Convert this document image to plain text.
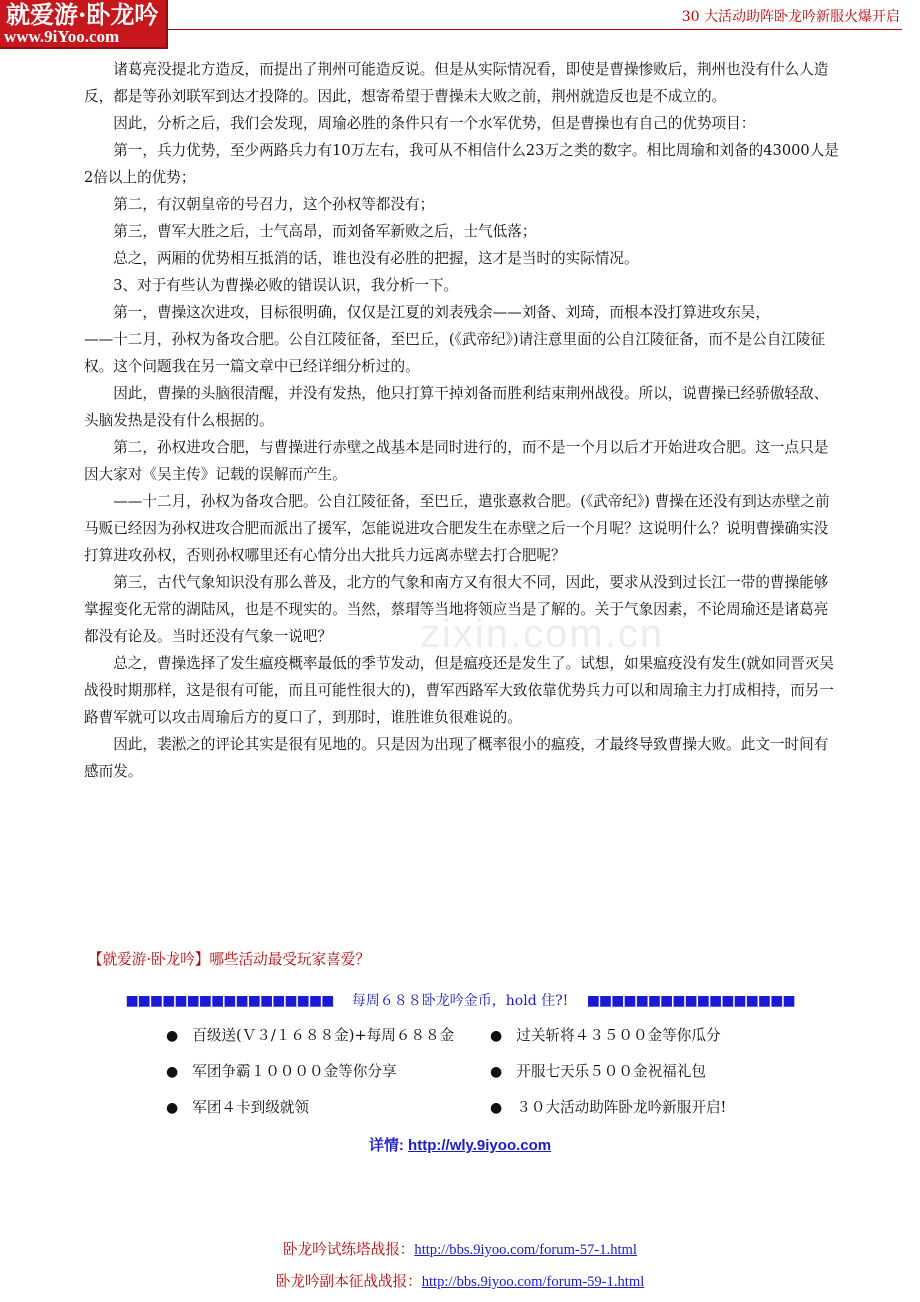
就爱游·卧龙吟
www.9iYoo.com
30 大活动助阵卧龙吟新服火爆开启

诸葛亮没提北方造反，而提出了荆州可能造反说。但是从实际情况看，即使是曹操惨败后，荆州也没有什么人造反，都是等孙刘联军到达才投降的。因此，想寄希望于曹操未大败之前，荆州就造反也是不成立的。

因此，分析之后，我们会发现，周瑜必胜的条件只有一个水军优势，但是曹操也有自己的优势项目：

第一，兵力优势，至少两路兵力有10万左右，我可从不相信什么23万之类的数字。相比周瑜和刘备的43000人是2倍以上的优势；

第二，有汉朝皇帝的号召力，这个孙权等都没有；

第三，曹军大胜之后，士气高昂，而刘备军新败之后，士气低落；

总之，两厢的优势相互抵消的话，谁也没有必胜的把握，这才是当时的实际情况。

3、对于有些认为曹操必败的错误认识，我分析一下。

第一，曹操这次进攻，目标很明确，仅仅是江夏的刘表残余——刘备、刘琦，而根本没打算进攻东吴，

——十二月，孙权为备攻合肥。公自江陵征备，至巴丘，(《武帝纪》)请注意里面的公自江陵征备，而不是公自江陵征权。这个问题我在另一篇文章中已经详细分析过的。

因此，曹操的头脑很清醒，并没有发热，他只打算干掉刘备而胜利结束荆州战役。所以，说曹操已经骄傲轻敌、头脑发热是没有什么根据的。

第二，孙权进攻合肥，与曹操进行赤壁之战基本是同时进行的，而不是一个月以后才开始进攻合肥。这一点只是因大家对《吴主传》记载的误解而产生。

——十二月，孙权为备攻合肥。公自江陵征备，至巴丘，遣张憙救合肥。(《武帝纪》) 曹操在还没有到达赤壁之前马贩已经因为孙权进攻合肥而派出了援军，怎能说进攻合肥发生在赤壁之后一个月呢？这说明什么？说明曹操确实没打算进攻孙权，否则孙权哪里还有心情分出大批兵力远离赤壁去打合肥呢？

第三，古代气象知识没有那么普及，北方的气象和南方又有很大不同，因此，要求从没到过长江一带的曹操能够掌握变化无常的湖陆风，也是不现实的。当然，蔡瑁等当地将领应当是了解的。关于气象因素，不论周瑜还是诸葛亮都没有论及。当时还没有气象一说吧？

总之，曹操选择了发生瘟疫概率最低的季节发动，但是瘟疫还是发生了。试想，如果瘟疫没有发生(就如同晋灭吴战役时期那样，这是很有可能，而且可能性很大的)，曹军西路军大致依靠优势兵力可以和周瑜主力打成相持，而另一路曹军就可以攻击周瑜后方的夏口了，到那时，谁胜谁负很难说的。

因此，裴淞之的评论其实是很有见地的。只是因为出现了概率很小的瘟疫，才最终导致曹操大败。此文一时间有感而发。

zixin.com.cn
【就爱游·卧龙吟】哪些活动最受玩家喜爱？
■■■■■■■■■■■■■■■■■ 每周６８８卧龙吟金币，hold 住?! ■■■■■■■■■■■■■■■■■
● 百级送(Ｖ３/１６８８金)+每周６８８金	● 过关斩将４３５００金等你瓜分
● 军团争霸１００００金等你分享	● 开服七天乐５００金祝福礼包
● 军团４卡到级就领	● ３０大活动助阵卧龙吟新服开启!
详情: http://wly.9iyoo.com
卧龙吟试练塔战报：http://bbs.9iyoo.com/forum-57-1.html
卧龙吟副本征战战报：http://bbs.9iyoo.com/forum-59-1.html
